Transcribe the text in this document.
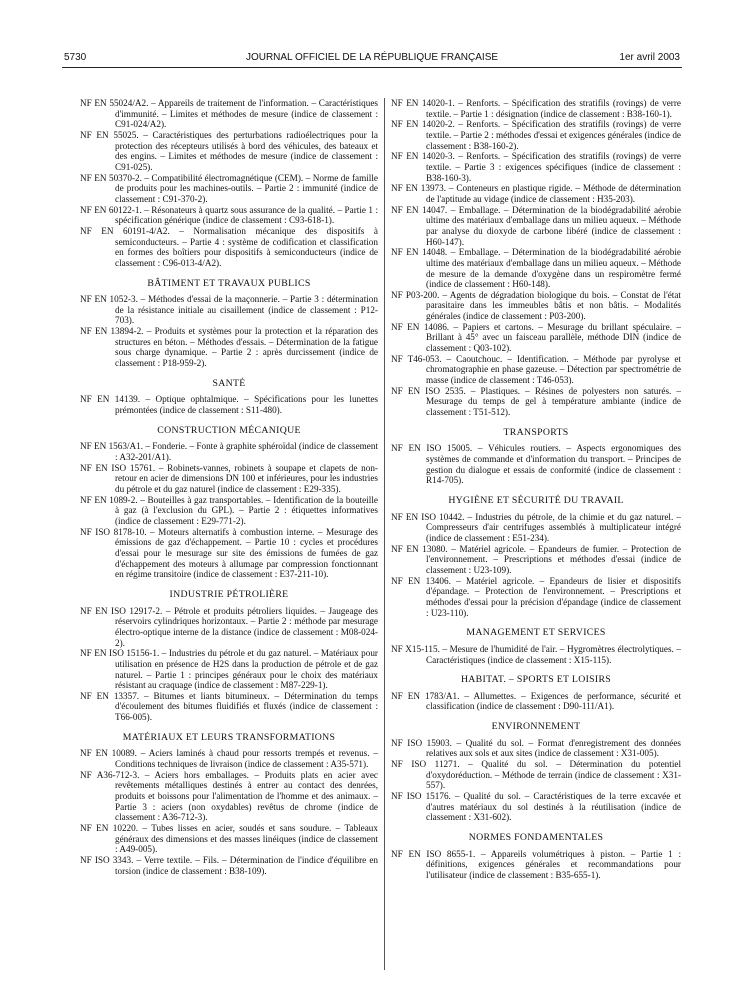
5730	JOURNAL OFFICIEL DE LA RÉPUBLIQUE FRANÇAISE	1er avril 2003

NF EN 55024/A2. – Appareils de traitement de l'information. – Caractéristiques d'immunité. – Limites et méthodes de mesure (indice de classement : C91-024/A2).

NF EN 55025. – Caractéristiques des perturbations radioélectriques pour la protection des récepteurs utilisés à bord des véhicules, des bateaux et des engins. – Limites et méthodes de mesure (indice de classement : C91-025).

NF EN 50370-2. – Compatibilité électromagnétique (CEM). – Norme de famille de produits pour les machines-outils. – Partie 2 : immunité (indice de classement : C91-370-2).

NF EN 60122-1. – Résonateurs à quartz sous assurance de la qualité. – Partie 1 : spécification générique (indice de classement : C93-618-1).

NF EN 60191-4/A2. – Normalisation mécanique des dispositifs à semiconducteurs. – Partie 4 : système de codification et classification en formes des boîtiers pour dispositifs à semiconducteurs (indice de classement : C96-013-4/A2).

BÂTIMENT ET TRAVAUX PUBLICS

NF EN 1052-3. – Méthodes d'essai de la maçonnerie. – Partie 3 : détermination de la résistance initiale au cisaillement (indice de classement : P12-703).

NF EN 13894-2. – Produits et systèmes pour la protection et la réparation des structures en béton. – Méthodes d'essais. – Détermination de la fatigue sous charge dynamique. – Partie 2 : après durcissement (indice de classement : P18-959-2).

SANTÉ

NF EN 14139. – Optique ophtalmique. – Spécifications pour les lunettes prémontées (indice de classement : S11-480).

CONSTRUCTION MÉCANIQUE

NF EN 1563/A1. – Fonderie. – Fonte à graphite sphéroïdal (indice de classement : A32-201/A1).

NF EN ISO 15761. – Robinets-vannes, robinets à soupape et clapets de non-retour en acier de dimensions DN 100 et inférieures, pour les industries du pétrole et du gaz naturel (indice de classement : E29-335).

NF EN 1089-2. – Bouteilles à gaz transportables. – Identification de la bouteille à gaz (à l'exclusion du GPL). – Partie 2 : étiquettes informatives (indice de classement : E29-771-2).

NF ISO 8178-10. – Moteurs alternatifs à combustion interne. – Mesurage des émissions de gaz d'échappement. – Partie 10 : cycles et procédures d'essai pour le mesurage sur site des émissions de fumées de gaz d'échappement des moteurs à allumage par compression fonctionnant en régime transitoire (indice de classement : E37-211-10).

INDUSTRIE PÉTROLIÈRE

NF EN ISO 12917-2. – Pétrole et produits pétroliers liquides. – Jaugeage des réservoirs cylindriques horizontaux. – Partie 2 : méthode par mesurage électro-optique interne de la distance (indice de classement : M08-024-2).

NF EN ISO 15156-1. – Industries du pétrole et du gaz naturel. – Matériaux pour utilisation en présence de H2S dans la production de pétrole et de gaz naturel. – Partie 1 : principes généraux pour le choix des matériaux résistant au craquage (indice de classement : M87-229-1).

NF EN 13357. – Bitumes et liants bitumineux. – Détermination du temps d'écoulement des bitumes fluidifiés et fluxés (indice de classement : T66-005).

MATÉRIAUX ET LEURS TRANSFORMATIONS

NF EN 10089. – Aciers laminés à chaud pour ressorts trempés et revenus. – Conditions techniques de livraison (indice de classement : A35-571).

NF A36-712-3. – Aciers hors emballages. – Produits plats en acier avec revêtements métalliques destinés à entrer au contact des denrées, produits et boissons pour l'alimentation de l'homme et des animaux. – Partie 3 : aciers (non oxydables) revêtus de chrome (indice de classement : A36-712-3).

NF EN 10220. – Tubes lisses en acier, soudés et sans soudure. – Tableaux généraux des dimensions et des masses linéiques (indice de classement : A49-005).

NF ISO 3343. – Verre textile. – Fils. – Détermination de l'indice d'équilibre en torsion (indice de classement : B38-109).

NF EN 14020-1. – Renforts. – Spécification des stratifils (rovings) de verre textile. – Partie 1 : désignation (indice de classement : B38-160-1).

NF EN 14020-2. – Renforts. – Spécification des stratifils (rovings) de verre textile. – Partie 2 : méthodes d'essai et exigences générales (indice de classement : B38-160-2).

NF EN 14020-3. – Renforts. – Spécification des stratifils (rovings) de verre textile. – Partie 3 : exigences spécifiques (indice de classement : B38-160-3).

NF EN 13973. – Conteneurs en plastique rigide. – Méthode de détermination de l'aptitude au vidage (indice de classement : H35-203).

NF EN 14047. – Emballage. – Détermination de la biodégradabilité aérobie ultime des matériaux d'emballage dans un milieu aqueux. – Méthode par analyse du dioxyde de carbone libéré (indice de classement : H60-147).

NF EN 14048. – Emballage. – Détermination de la biodégradabilité aérobie ultime des matériaux d'emballage dans un milieu aqueux. – Méthode de mesure de la demande d'oxygène dans un respiromètre fermé (indice de classement : H60-148).

NF P03-200. – Agents de dégradation biologique du bois. – Constat de l'état parasitaire dans les immeubles bâtis et non bâtis. – Modalités générales (indice de classement : P03-200).

NF EN 14086. – Papiers et cartons. – Mesurage du brillant spéculaire. – Brillant à 45° avec un faisceau parallèle, méthode DIN (indice de classement : Q03-102).

NF T46-053. – Caoutchouc. – Identification. – Méthode par pyrolyse et chromatographie en phase gazeuse. – Détection par spectrométrie de masse (indice de classement : T46-053).

NF EN ISO 2535. – Plastiques. – Résines de polyesters non saturés. – Mesurage du temps de gel à température ambiante (indice de classement : T51-512).

TRANSPORTS

NF EN ISO 15005. – Véhicules routiers. – Aspects ergonomiques des systèmes de commande et d'information du transport. – Principes de gestion du dialogue et essais de conformité (indice de classement : R14-705).

HYGIÈNE ET SÉCURITÉ DU TRAVAIL

NF EN ISO 10442. – Industries du pétrole, de la chimie et du gaz naturel. – Compresseurs d'air centrifuges assemblés à multiplicateur intégré (indice de classement : E51-234).

NF EN 13080. – Matériel agricole. – Epandeurs de fumier. – Protection de l'environnement. – Prescriptions et méthodes d'essai (indice de classement : U23-109).

NF EN 13406. – Matériel agricole. – Epandeurs de lisier et dispositifs d'épandage. – Protection de l'environnement. – Prescriptions et méthodes d'essai pour la précision d'épandage (indice de classement : U23-110).

MANAGEMENT ET SERVICES

NF X15-115. – Mesure de l'humidité de l'air. – Hygromètres électrolytiques. – Caractéristiques (indice de classement : X15-115).

HABITAT. – SPORTS ET LOISIRS

NF EN 1783/A1. – Allumettes. – Exigences de performance, sécurité et classification (indice de classement : D90-111/A1).

ENVIRONNEMENT

NF ISO 15903. – Qualité du sol. – Format d'enregistrement des données relatives aux sols et aux sites (indice de classement : X31-005).

NF ISO 11271. – Qualité du sol. – Détermination du potentiel d'oxydoréduction. – Méthode de terrain (indice de classement : X31-557).

NF ISO 15176. – Qualité du sol. – Caractéristiques de la terre excavée et d'autres matériaux du sol destinés à la réutilisation (indice de classement : X31-602).

NORMES FONDAMENTALES

NF EN ISO 8655-1. – Appareils volumétriques à piston. – Partie 1 : définitions, exigences générales et recommandations pour l'utilisateur (indice de classement : B35-655-1).
